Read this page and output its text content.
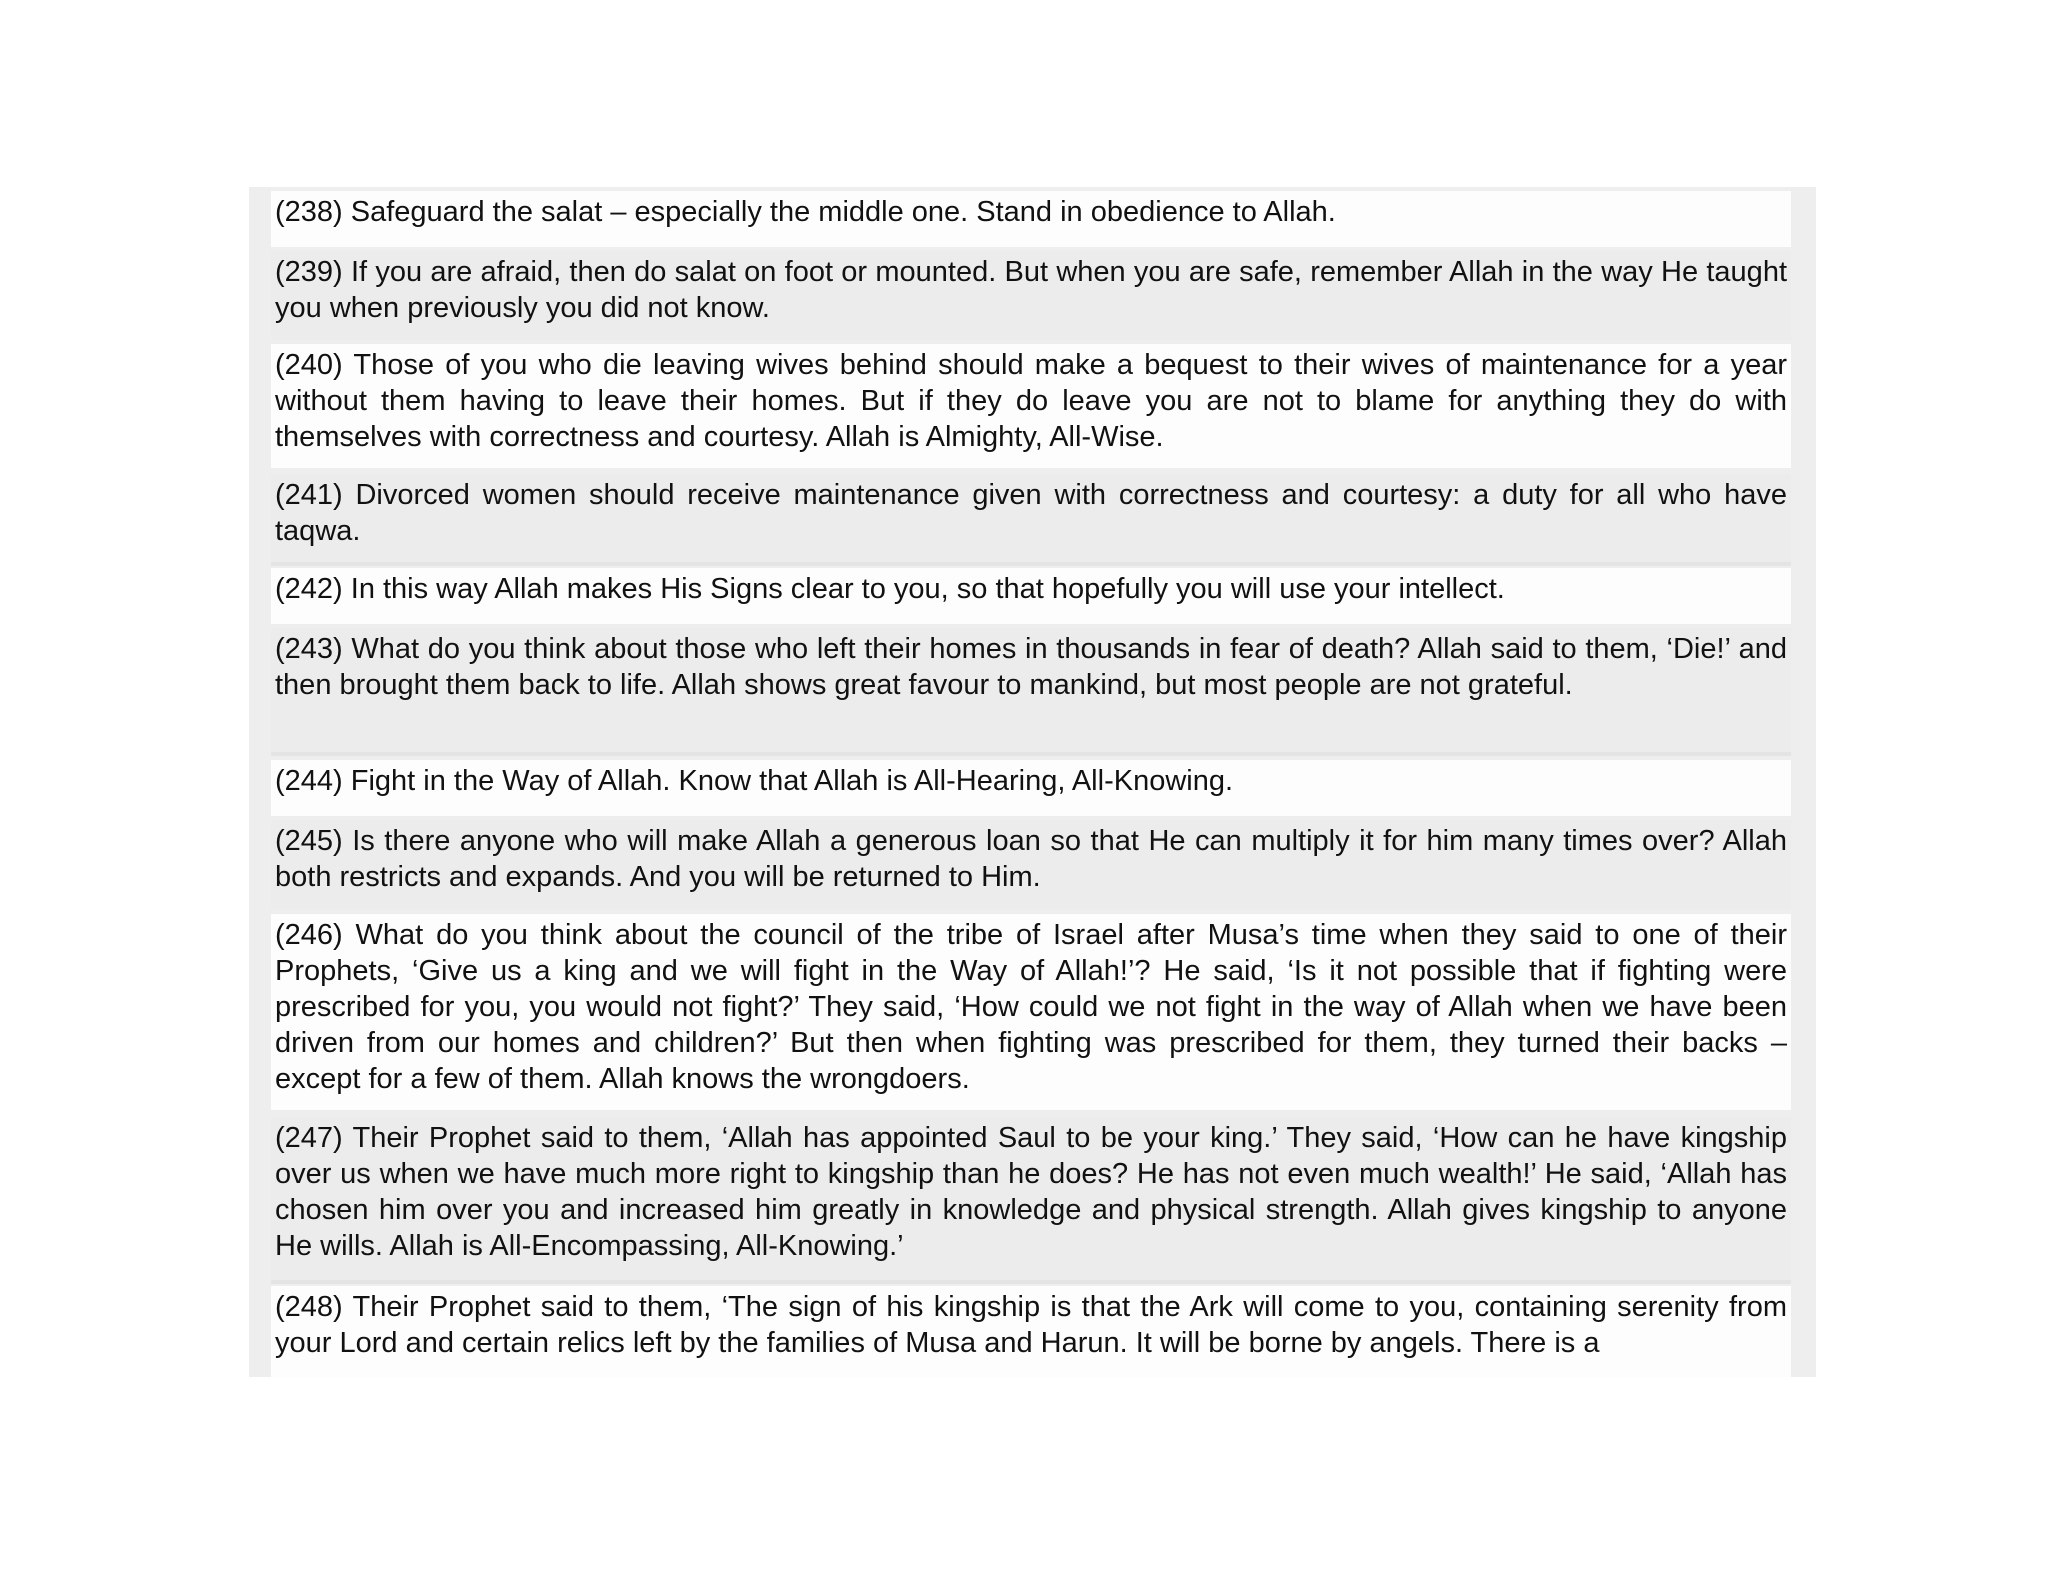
(238) Safeguard the salat – especially the middle one. Stand in obedience to Allah.
(239) If you are afraid, then do salat on foot or mounted. But when you are safe, remember Allah in the way He taught you when previously you did not know.
(240) Those of you who die leaving wives behind should make a bequest to their wives of maintenance for a year without them having to leave their homes. But if they do leave you are not to blame for anything they do with themselves with correctness and courtesy. Allah is Almighty, All-Wise.
(241) Divorced women should receive maintenance given with correctness and courtesy: a duty for all who have taqwa.
(242) In this way Allah makes His Signs clear to you, so that hopefully you will use your intellect.
(243) What do you think about those who left their homes in thousands in fear of death? Allah said to them, ‘Die!’ and then brought them back to life. Allah shows great favour to mankind, but most people are not grateful.
(244) Fight in the Way of Allah. Know that Allah is All-Hearing, All-Knowing.
(245) Is there anyone who will make Allah a generous loan so that He can multiply it for him many times over? Allah both restricts and expands. And you will be returned to Him.
(246) What do you think about the council of the tribe of Israel after Musa’s time when they said to one of their Prophets, ‘Give us a king and we will fight in the Way of Allah!’? He said, ‘Is it not possible that if fighting were prescribed for you, you would not fight?’ They said, ‘How could we not fight in the way of Allah when we have been driven from our homes and children?’ But then when fighting was prescribed for them, they turned their backs – except for a few of them. Allah knows the wrongdoers.
(247) Their Prophet said to them, ‘Allah has appointed Saul to be your king.’ They said, ‘How can he have kingship over us when we have much more right to kingship than he does? He has not even much wealth!’ He said, ‘Allah has chosen him over you and increased him greatly in knowledge and physical strength. Allah gives kingship to anyone He wills. Allah is All-Encompassing, All-Knowing.’
(248) Their Prophet said to them, ‘The sign of his kingship is that the Ark will come to you, containing serenity from your Lord and certain relics left by the families of Musa and Harun. It will be borne by angels. There is a
